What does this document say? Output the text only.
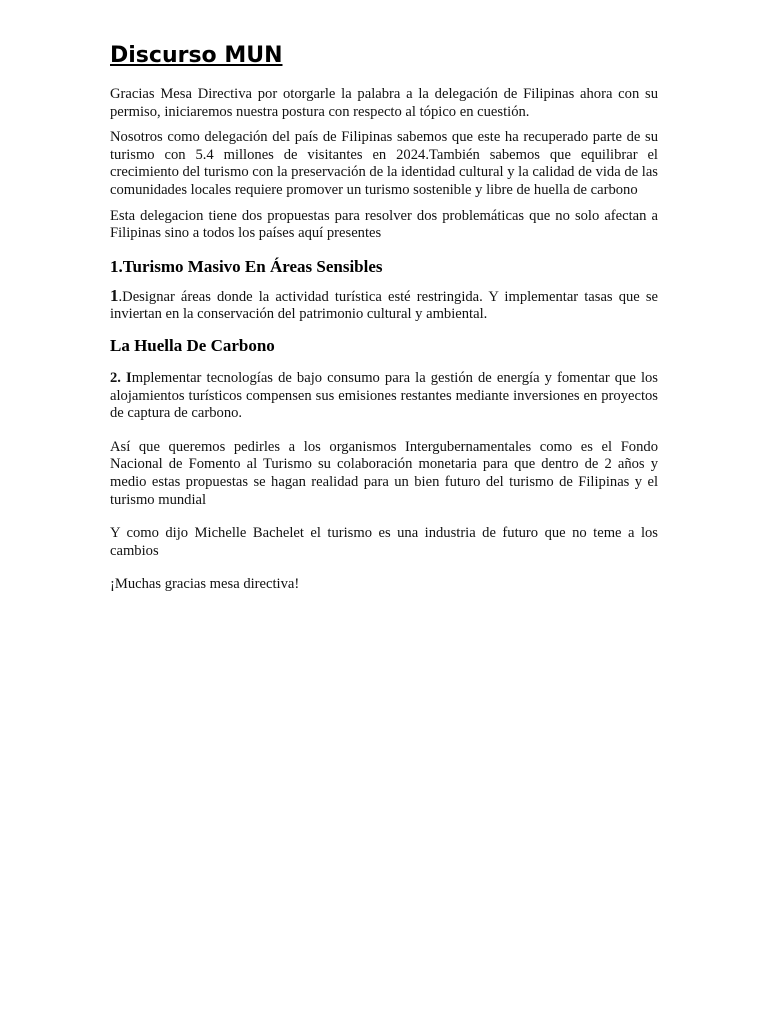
Discurso MUN

Gracias Mesa Directiva por otorgarle la palabra a la delegación de Filipinas ahora con su permiso, iniciaremos nuestra postura con respecto al tópico en cuestión.

Nosotros como delegación del país de Filipinas sabemos que este ha recuperado parte de su turismo con 5.4 millones de visitantes en 2024.También sabemos que equilibrar el crecimiento del turismo con la preservación de la identidad cultural y la calidad de vida de las comunidades locales requiere promover un turismo sostenible y libre de huella de carbono

Esta delegacion tiene dos propuestas para resolver dos problemáticas que no solo afectan a Filipinas sino a todos los países aquí presentes

1.Turismo Masivo En Áreas Sensibles

1.Designar áreas donde la actividad turística esté restringida. Y implementar tasas que se inviertan en la conservación del patrimonio cultural y ambiental.

La Huella De Carbono

2. Implementar tecnologías de bajo consumo para la gestión de energía y fomentar que los alojamientos turísticos compensen sus emisiones restantes mediante inversiones en proyectos de captura de carbono.

Así que queremos pedirles a los organismos Intergubernamentales como es el Fondo Nacional de Fomento al Turismo su colaboración monetaria para que dentro de 2 años y medio estas propuestas se hagan realidad para un bien futuro del turismo de Filipinas y el turismo mundial

Y como dijo Michelle Bachelet el turismo es una industria de futuro que no teme a los cambios

¡Muchas gracias mesa directiva!
